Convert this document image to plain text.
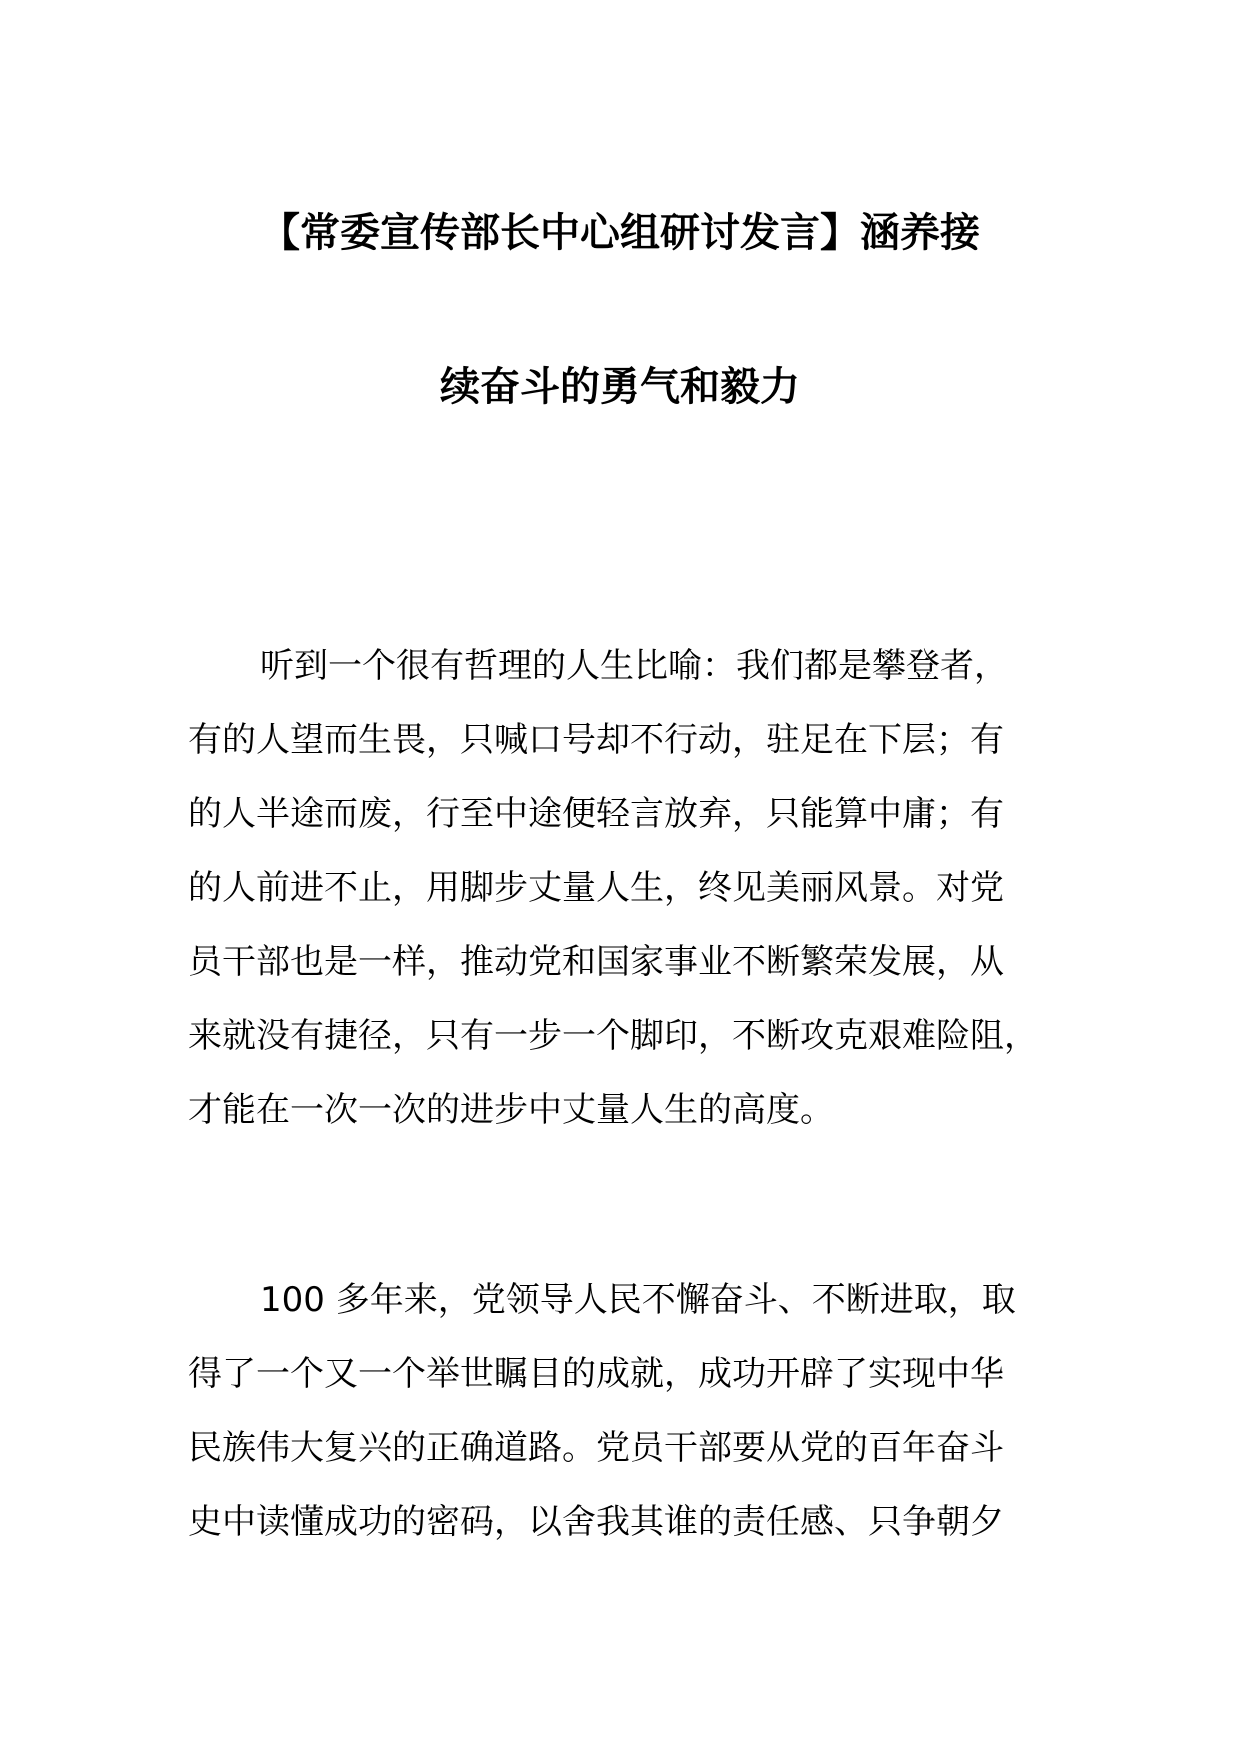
【常委宣传部长中心组研讨发言】涵养接
续奋斗的勇气和毅力
听到一个很有哲理的人生比喻：我们都是攀登者，
有的人望而生畏，只喊口号却不行动，驻足在下层；有
的人半途而废，行至中途便轻言放弃，只能算中庸；有
的人前进不止，用脚步丈量人生，终见美丽风景。对党
员干部也是一样，推动党和国家事业不断繁荣发展，从
来就没有捷径，只有一步一个脚印，不断攻克艰难险阻，
才能在一次一次的进步中丈量人生的高度。
100 多年来，党领导人民不懈奋斗、不断进取，取
得了一个又一个举世瞩目的成就，成功开辟了实现中华
民族伟大复兴的正确道路。党员干部要从党的百年奋斗
史中读懂成功的密码，以舍我其谁的责任感、只争朝夕
